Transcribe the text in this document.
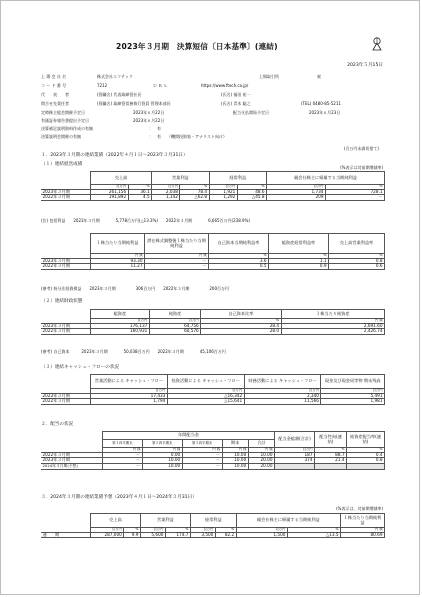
2023年３月期　決算短信〔日本基準〕(連結)
2023年５月15日
上 場 会 社 名	株式会社エフテック	上場取引所	東
コ ー ド 番 号	7212	Ｕ Ｒ Ｌ	https://www.ftech.co.jp/
代　　表　　者	(役職名) 代表取締役社長	(氏名) 福田 祐一
問合せ先責任者	(役職名) 取締役常務執行役員 管理本部長	(氏名) 青木 聡之	(TEL) 0480-85-5211
定時株主総会開催予定日	2023年６月22日	配当支払開始予定日	2023年６月23日
有価証券報告書提出予定日	2023年６月22日
決算補足説明資料作成の有無	：　有
決算説明会開催の有無	：　有　　（機関投資家・アナリスト向け）
(百万円未満切捨て)
１．2023年３月期の連結業績（2022年４月１日～2023年３月31日）
（１）連結経営成績
(%表示は対前期増減率)
	売上高		営業利益		経常利益		親会社株主に帰属する当期純利益	
	百万円	%	百万円	%	百万円	%	百万円	%
2023年３月期	261,156	36.1	2,038	78.4	1,921	48.6	1,734	728.1
2022年３月期	191,892	4.5	1,142	△62.8	1,292	△45.8	209	－
(注) 包括利益　　2023年３月期　　　　5,778百万円(△13.3%)　　2022年３月期　　　　6,665百万円(238.9%)
	１株当たり当期純利益	潜在株式調整後１株当たり当期純利益	自己資本当期純利益率	総資産経常利益率	売上高営業利益率
	円 銭	円 銭	%	%	%
2023年３月期	93.30	－	3.6	1.1	0.8
2022年３月期	11.27	－	0.5	0.9	0.6
(参考) 持分法投資損益　　2023年３月期　　　　　306百万円　　2022年３月期　　　　　200百万円
（２）連結財政状態
	総資産	純資産	自己資本比率	１株当たり純資産
	百万円	百万円	%	円 銭
2023年３月期	176,137	64,756	28.4	2,691.60
2022年３月期	160,931	60,576	28.0	2,426.74
(参考) 自己資本　　　2023年３月期　　　　50,038百万円　　2022年３月期　　　　45,106百万円
（３）連結キャッシュ・フローの状況
	営業活動による キャッシュ・フロー	投資活動による キャッシュ・フロー	財務活動による キャッシュ・フロー	現金及び現金同等物 期末残高
	百万円	百万円	百万円	百万円
2023年３月期	17,433	△16,342	2,340	5,491
2022年３月期	1,794	△15,641	11,566	1,981
２．配当の状況
	年間配当金					配当金総額(合計)	配当性向(連結)	純資産配当率(連結)
	第１四半期末	第２四半期末	第３四半期末	期末	合計			
	円 銭	円 銭	円 銭	円 銭	円 銭	百万円	%	%
2022年３月期	－	0.00	－	10.00	10.00	187	88.7	0.4
2023年３月期	－	10.00	－	10.00	20.00	374	21.4	0.8
2024年３月期(予想)	－	10.00	－	10.00	20.00			
３．2024年３月期の連結業績予想（2023年４月１日～2024年３月31日）
(%表示は、対前期増減率)
	売上高		営業利益		経常利益		親会社株主に帰属する当期純利益		１株当たり当期純利益
	百万円	%	百万円	%	百万円	%	百万円	%	円 銭
通　　期	287,000	9.9	5,600	174.7	3,500	82.2	1,500	△13.5	80.69
